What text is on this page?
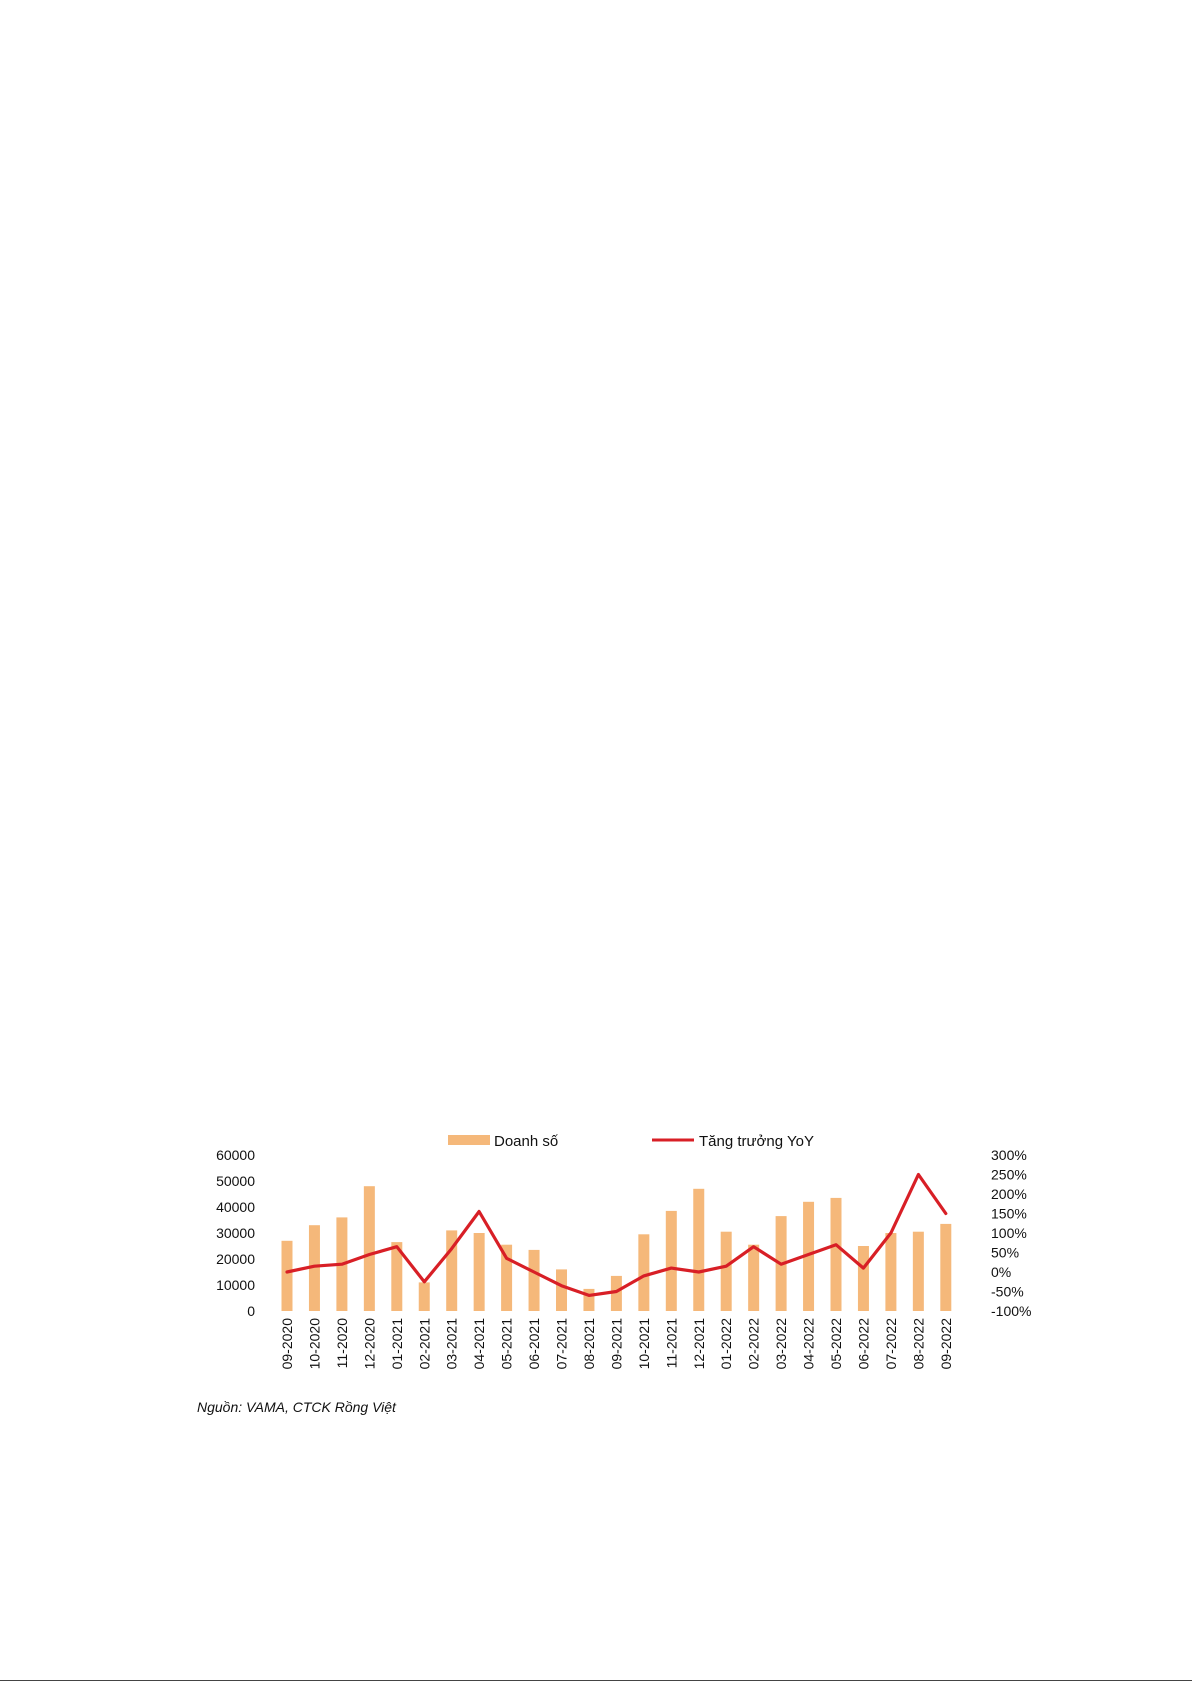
Doanh số	Tăng trưởng YoY
0
10000
20000
30000
40000
50000
60000
-100%
-50%
0%
50%
100%
150%
200%
250%
300%
09-2020 10-2020 11-2020 12-2020 01-2021 02-2021 03-2021 04-2021 05-2021 06-2021 07-2021 08-2021 09-2021 10-2021 11-2021 12-2021 01-2022 02-2022 03-2022 04-2022 05-2022 06-2022 07-2022 08-2022 09-2022
Nguồn: VAMA, CTCK Rồng Việt
